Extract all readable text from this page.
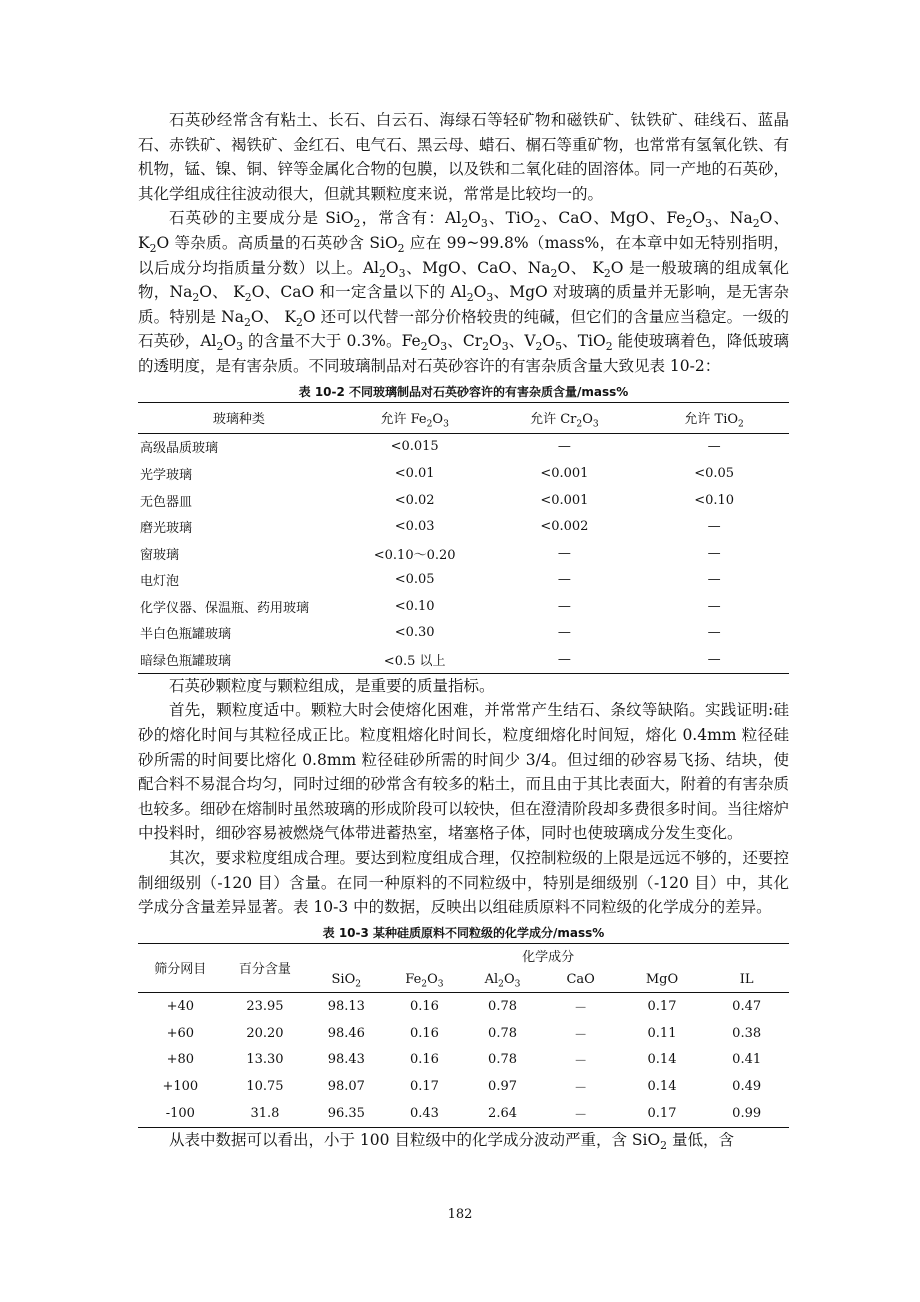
石英砂经常含有粘土、长石、白云石、海绿石等轻矿物和磁铁矿、钛铁矿、硅线石、蓝晶石、赤铁矿、褐铁矿、金红石、电气石、黑云母、蜡石、榍石等重矿物，也常常有氢氧化铁、有机物，锰、镍、铜、锌等金属化合物的包膜，以及铁和二氧化硅的固溶体。同一产地的石英砂，其化学组成往往波动很大，但就其颗粒度来说，常常是比较均一的。

石英砂的主要成分是 SiO$_2$，常含有：$Al_2O_3$、TiO$_2$、CaO、MgO、$Fe_2O_3$、$Na_2O$、 $K_2O$ 等杂质。高质量的石英砂含 SiO$_2$ 应在 99~99.8%（mass%，在本章中如无特别指明，以后成分均指质量分数）以上。$Al_2O_3$、MgO、CaO、$Na_2O$、 $K_2O$ 是一般玻璃的组成氧化物，$Na_2O$、 $K_2O$、CaO 和一定含量以下的 $Al_2O_3$、MgO 对玻璃的质量并无影响，是无害杂质。特别是 $Na_2O$、 $K_2O$ 还可以代替一部分价格较贵的纯碱，但它们的含量应当稳定。一级的石英砂，$Al_2O_3$ 的含量不大于 0.3%。$Fe_2O_3$、$Cr_2O_3$、$V_2O_5$、TiO$_2$ 能使玻璃着色，降低玻璃的透明度，是有害杂质。不同玻璃制品对石英砂容许的有害杂质含量大致见表 10-2：

表 10-2 不同玻璃制品对石英砂容许的有害杂质含量/mass%
玻璃种类	允许 $Fe_2O_3$	允许 $Cr_2O_3$	允许 TiO$_2$
高级晶质玻璃	<0.015	—	—
光学玻璃	<0.01	<0.001	<0.05
无色器皿	<0.02	<0.001	<0.10
磨光玻璃	<0.03	<0.002	—
窗玻璃	<0.10～0.20	—	—
电灯泡	<0.05	—	—
化学仪器、保温瓶、药用玻璃	<0.10	—	—
半白色瓶罐玻璃	<0.30	—	—
暗绿色瓶罐玻璃	<0.5 以上	—	—

石英砂颗粒度与颗粒组成，是重要的质量指标。

首先，颗粒度适中。颗粒大时会使熔化困难，并常常产生结石、条纹等缺陷。实践证明:硅砂的熔化时间与其粒径成正比。粒度粗熔化时间长，粒度细熔化时间短，熔化 0.4mm 粒径硅砂所需的时间要比熔化 0.8mm 粒径硅砂所需的时间少 3/4。但过细的砂容易飞扬、结块，使配合料不易混合均匀，同时过细的砂常含有较多的粘土，而且由于其比表面大，附着的有害杂质也较多。细砂在熔制时虽然玻璃的形成阶段可以较快，但在澄清阶段却多费很多时间。当往熔炉中投料时，细砂容易被燃烧气体带进蓄热室，堵塞格子体，同时也使玻璃成分发生变化。

其次，要求粒度组成合理。要达到粒度组成合理，仅控制粒级的上限是远远不够的，还要控制细级别（-120 目）含量。在同一种原料的不同粒级中，特别是细级别（-120 目）中，其化学成分含量差异显著。表 10-3 中的数据，反映出以组硅质原料不同粒级的化学成分的差异。

表 10-3 某种硅质原料不同粒级的化学成分/mass%
筛分网目	百分含量	化学成分					
		SiO$_2$	$Fe_2O_3$	$Al_2O_3$	CaO	MgO	IL
+40	23.95	98.13	0.16	0.78	－	0.17	0.47
+60	20.20	98.46	0.16	0.78	－	0.11	0.38
+80	13.30	98.43	0.16	0.78	－	0.14	0.41
+100	10.75	98.07	0.17	0.97	－	0.14	0.49
-100	31.8	96.35	0.43	2.64	－	0.17	0.99

从表中数据可以看出，小于 100 目粒级中的化学成分波动严重，含 SiO$_2$ 量低，含

182
